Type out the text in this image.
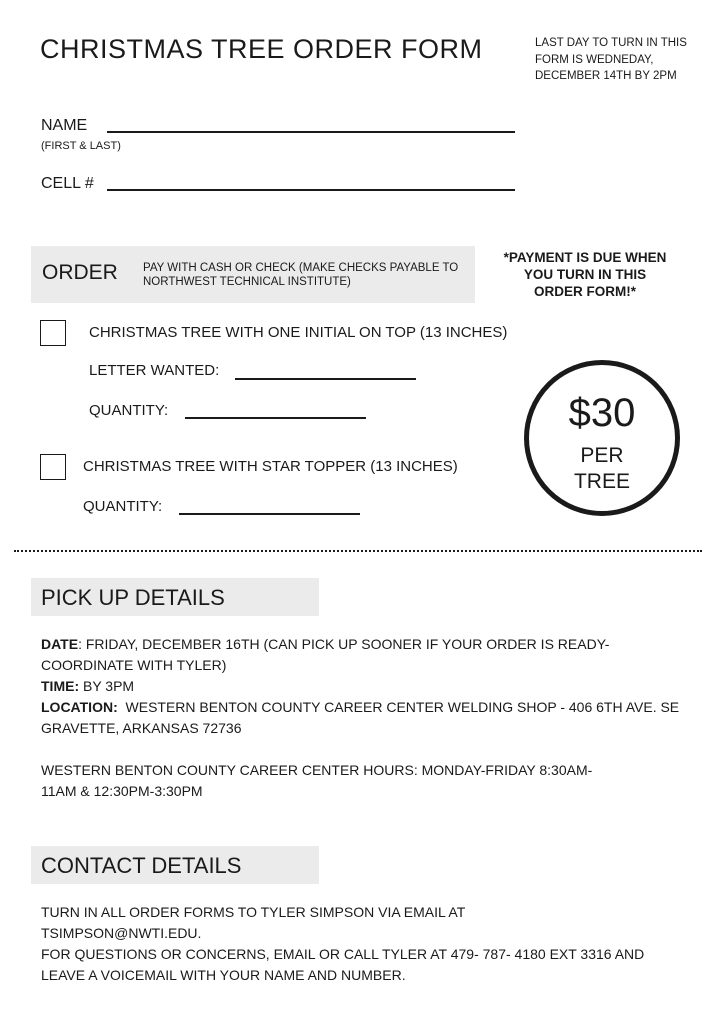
CHRISTMAS TREE ORDER FORM	LAST DAY TO TURN IN THIS FORM IS WEDNEDAY, DECEMBER 14TH BY 2PM
NAME
(FIRST & LAST)
CELL #
ORDER PAY WITH CASH OR CHECK (MAKE CHECKS PAYABLE TO NORTHWEST TECHNICAL INSTITUTE)
*PAYMENT IS DUE WHEN YOU TURN IN THIS ORDER FORM!*
CHRISTMAS TREE WITH ONE INITIAL ON TOP (13 INCHES)
LETTER WANTED:
QUANTITY:
CHRISTMAS TREE WITH STAR TOPPER (13 INCHES)
QUANTITY:
$30
PER
TREE
PICK UP DETAILS
DATE: FRIDAY, DECEMBER 16TH (CAN PICK UP SOONER IF YOUR ORDER IS READY- COORDINATE WITH TYLER)
TIME: BY 3PM
LOCATION:  WESTERN BENTON COUNTY CAREER CENTER WELDING SHOP - 406 6TH AVE. SE GRAVETTE, ARKANSAS 72736
WESTERN BENTON COUNTY CAREER CENTER HOURS: MONDAY-FRIDAY 8:30AM-11AM & 12:30PM-3:30PM
CONTACT DETAILS
TURN IN ALL ORDER FORMS TO TYLER SIMPSON VIA EMAIL AT TSIMPSON@NWTI.EDU.
FOR QUESTIONS OR CONCERNS, EMAIL OR CALL TYLER AT 479- 787- 4180 EXT 3316 AND LEAVE A VOICEMAIL WITH YOUR NAME AND NUMBER.
